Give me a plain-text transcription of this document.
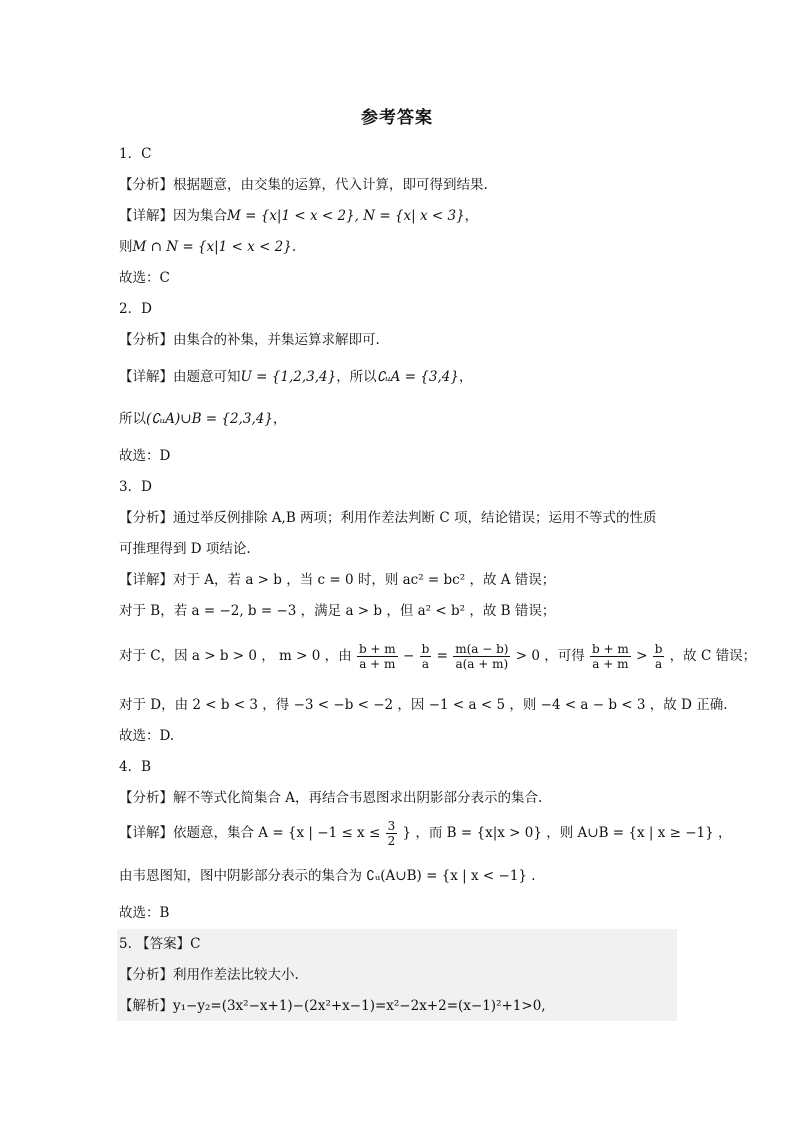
参考答案
1．C
【分析】根据题意，由交集的运算，代入计算，即可得到结果.
【详解】因为集合M = {x|1 < x < 2}, N = {x| x < 3}，
则M ∩ N = {x|1 < x < 2}.
故选：C
2．D
【分析】由集合的补集，并集运算求解即可.
【详解】由题意可知U = {1,2,3,4}，所以∁ᵤA = {3,4}，
所以(∁ᵤA)∪B = {2,3,4}，
故选：D
3．D
【分析】通过举反例排除 A,B 两项；利用作差法判断 C 项，结论错误；运用不等式的性质
可推理得到 D 项结论.
【详解】对于 A，若 a > b ，当 c = 0 时，则 ac² = bc² ，故 A 错误；
对于 B，若 a = −2, b = −3 ，满足 a > b ，但 a² < b² ，故 B 错误；
对于 C，因 a > b > 0 ， m > 0 ，由 $\frac{b + m}{a + m} - \frac{b}{a} = \frac{m(a - b)}{a(a + m)} > 0$ ，可得 $\frac{b + m}{a + m} > \frac{b}{a}$ ，故 C 错误；
对于 D，由 2 < b < 3 ，得 −3 < −b < −2 ，因 −1 < a < 5 ，则 −4 < a − b < 3 ，故 D 正确.
故选：D.
4．B
【分析】解不等式化简集合 A，再结合韦恩图求出阴影部分表示的集合.
【详解】依题意，集合 A = {x | $-1 \le x \le \frac{3}{2}$ } ，而 B = {x|x > 0} ，则 A∪B = {x | x ≥ −1} ，
由韦恩图知，图中阴影部分表示的集合为 ∁ᵤ(A∪B) = {x | x < −1} .
故选：B
5. 【答案】C
【分析】利用作差法比较大小.
【解析】y₁−y₂=(3x²−x+1)−(2x²+x−1)=x²−2x+2=(x−1)²+1>0,
